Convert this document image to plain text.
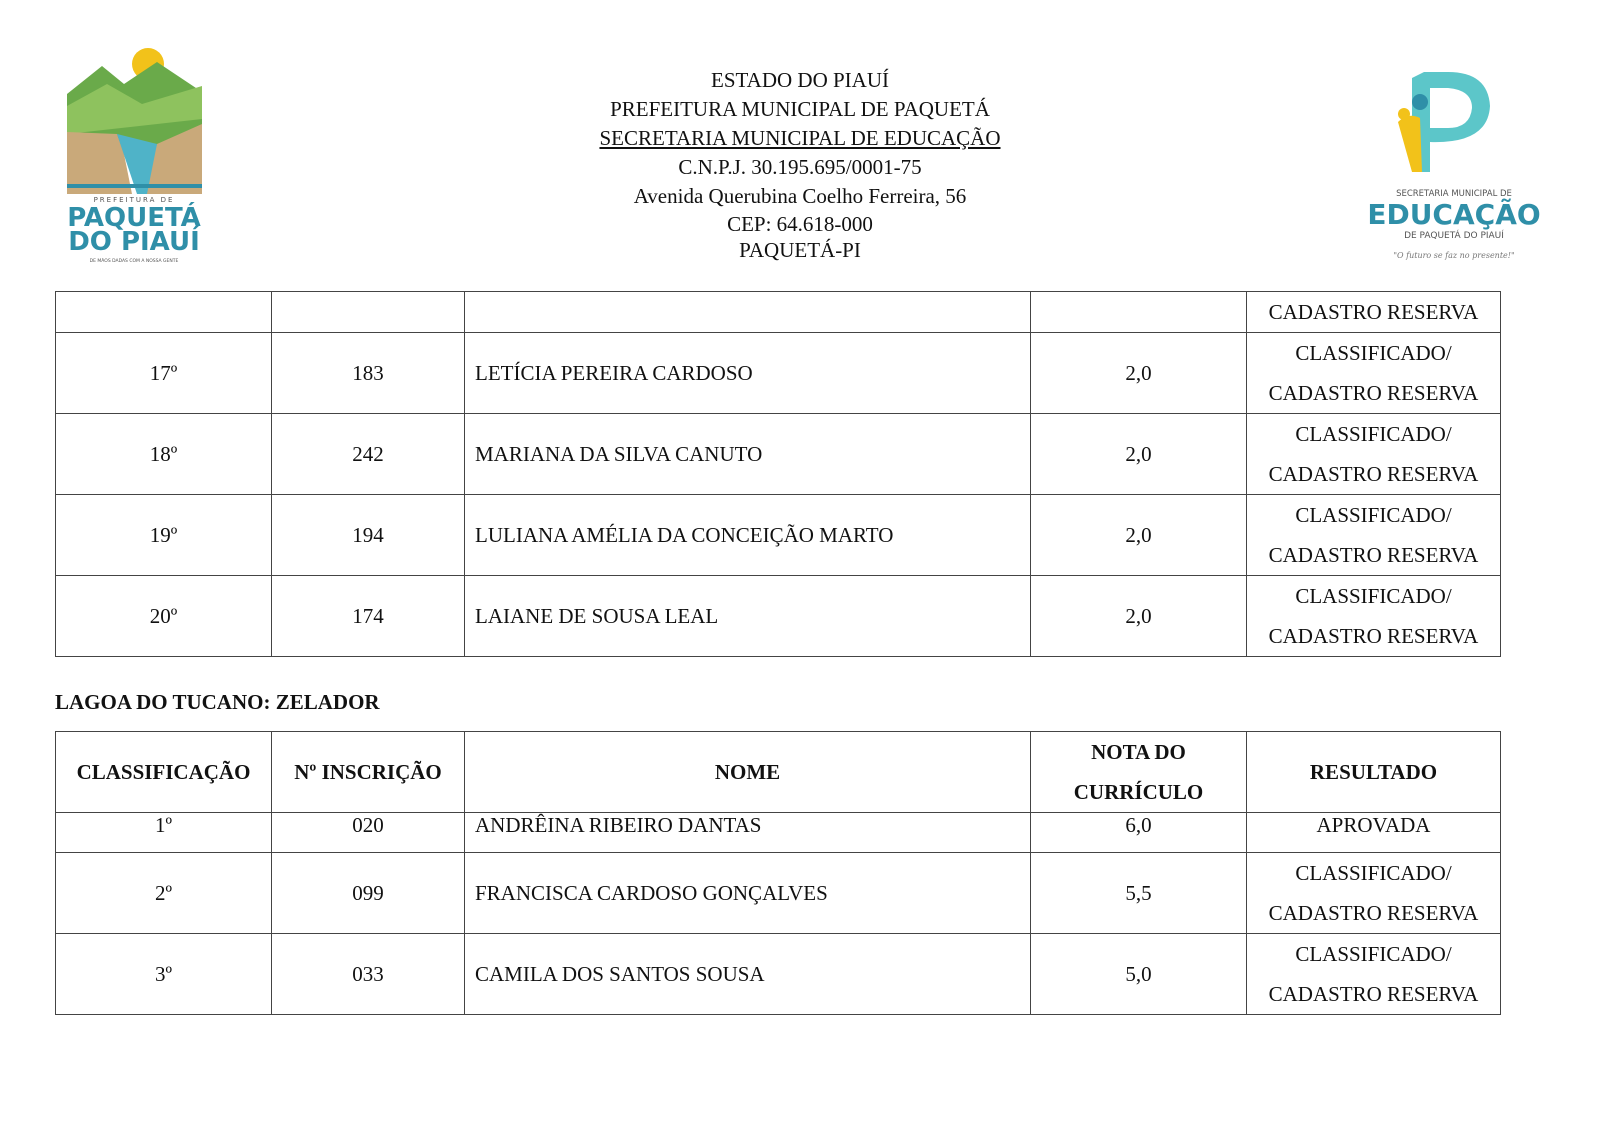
PREFEITURA DE
PAQUETÁ
DO PIAUÍ
DE MÃOS DADAS COM A NOSSA GENTE
ESTADO DO PIAUÍ
PREFEITURA MUNICIPAL DE PAQUETÁ
SECRETARIA MUNICIPAL DE EDUCAÇÃO
C.N.P.J. 30.195.695/0001-75
Avenida Querubina Coelho Ferreira, 56
CEP: 64.618-000
PAQUETÁ-PI
SECRETARIA MUNICIPAL DE
EDUCAÇÃO
DE PAQUETÁ DO PIAUÍ
"O futuro se faz no presente!"
				CADASTRO RESERVA
17º	183	LETÍCIA PEREIRA CARDOSO	2,0	CLASSIFICADO/
CADASTRO RESERVA
18º	242	MARIANA DA SILVA CANUTO	2,0	CLASSIFICADO/
CADASTRO RESERVA
19º	194	LULIANA AMÉLIA DA CONCEIÇÃO MARTO	2,0	CLASSIFICADO/
CADASTRO RESERVA
20º	174	LAIANE DE SOUSA LEAL	2,0	CLASSIFICADO/
CADASTRO RESERVA
LAGOA DO TUCANO: ZELADOR
CLASSIFICAÇÃO	Nº INSCRIÇÃO	NOME	NOTA DO
CURRÍCULO	RESULTADO
1º	020	ANDRÊINA RIBEIRO DANTAS	6,0	APROVADA
2º	099	FRANCISCA CARDOSO GONÇALVES	5,5	CLASSIFICADO/
CADASTRO RESERVA
3º	033	CAMILA DOS SANTOS SOUSA	5,0	CLASSIFICADO/
CADASTRO RESERVA
